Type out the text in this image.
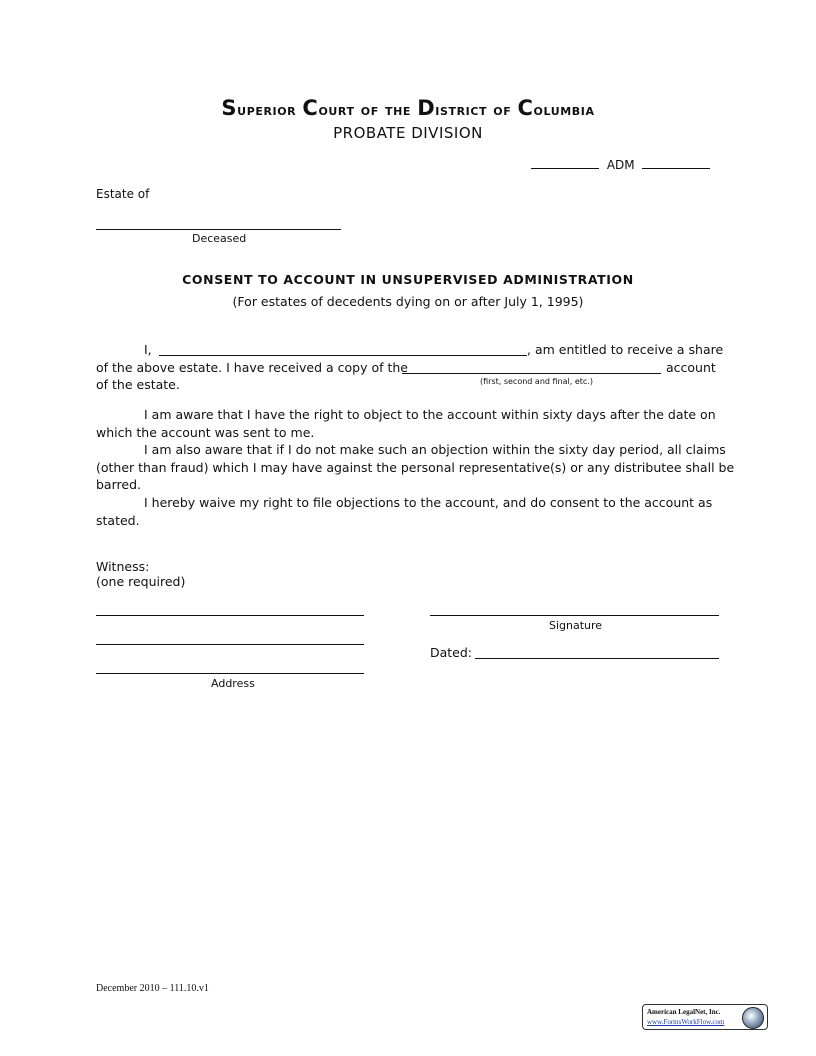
Superior Court of the District of Columbia
PROBATE DIVISION
ADM
Estate of
Deceased
CONSENT TO ACCOUNT IN UNSUPERVISED ADMINISTRATION
(For estates of decedents dying on or after July 1, 1995)
I,	, am entitled to receive a share
of the above estate. I have received a copy of the	account
(first, second and final, etc.)
of the estate.
I am aware that I have the right to object to the account within sixty days after the date on
which the account was sent to me.
I am also aware that if I do not make such an objection within the sixty day period, all claims
(other than fraud) which I may have against the personal representative(s) or any distributee shall be
barred.
I hereby waive my right to file objections to the account, and do consent to the account as
stated.
Witness:
(one required)
Address
Signature
Dated:
December 2010 – 111.10.v1
American LegalNet, Inc.
www.FormsWorkFlow.com
